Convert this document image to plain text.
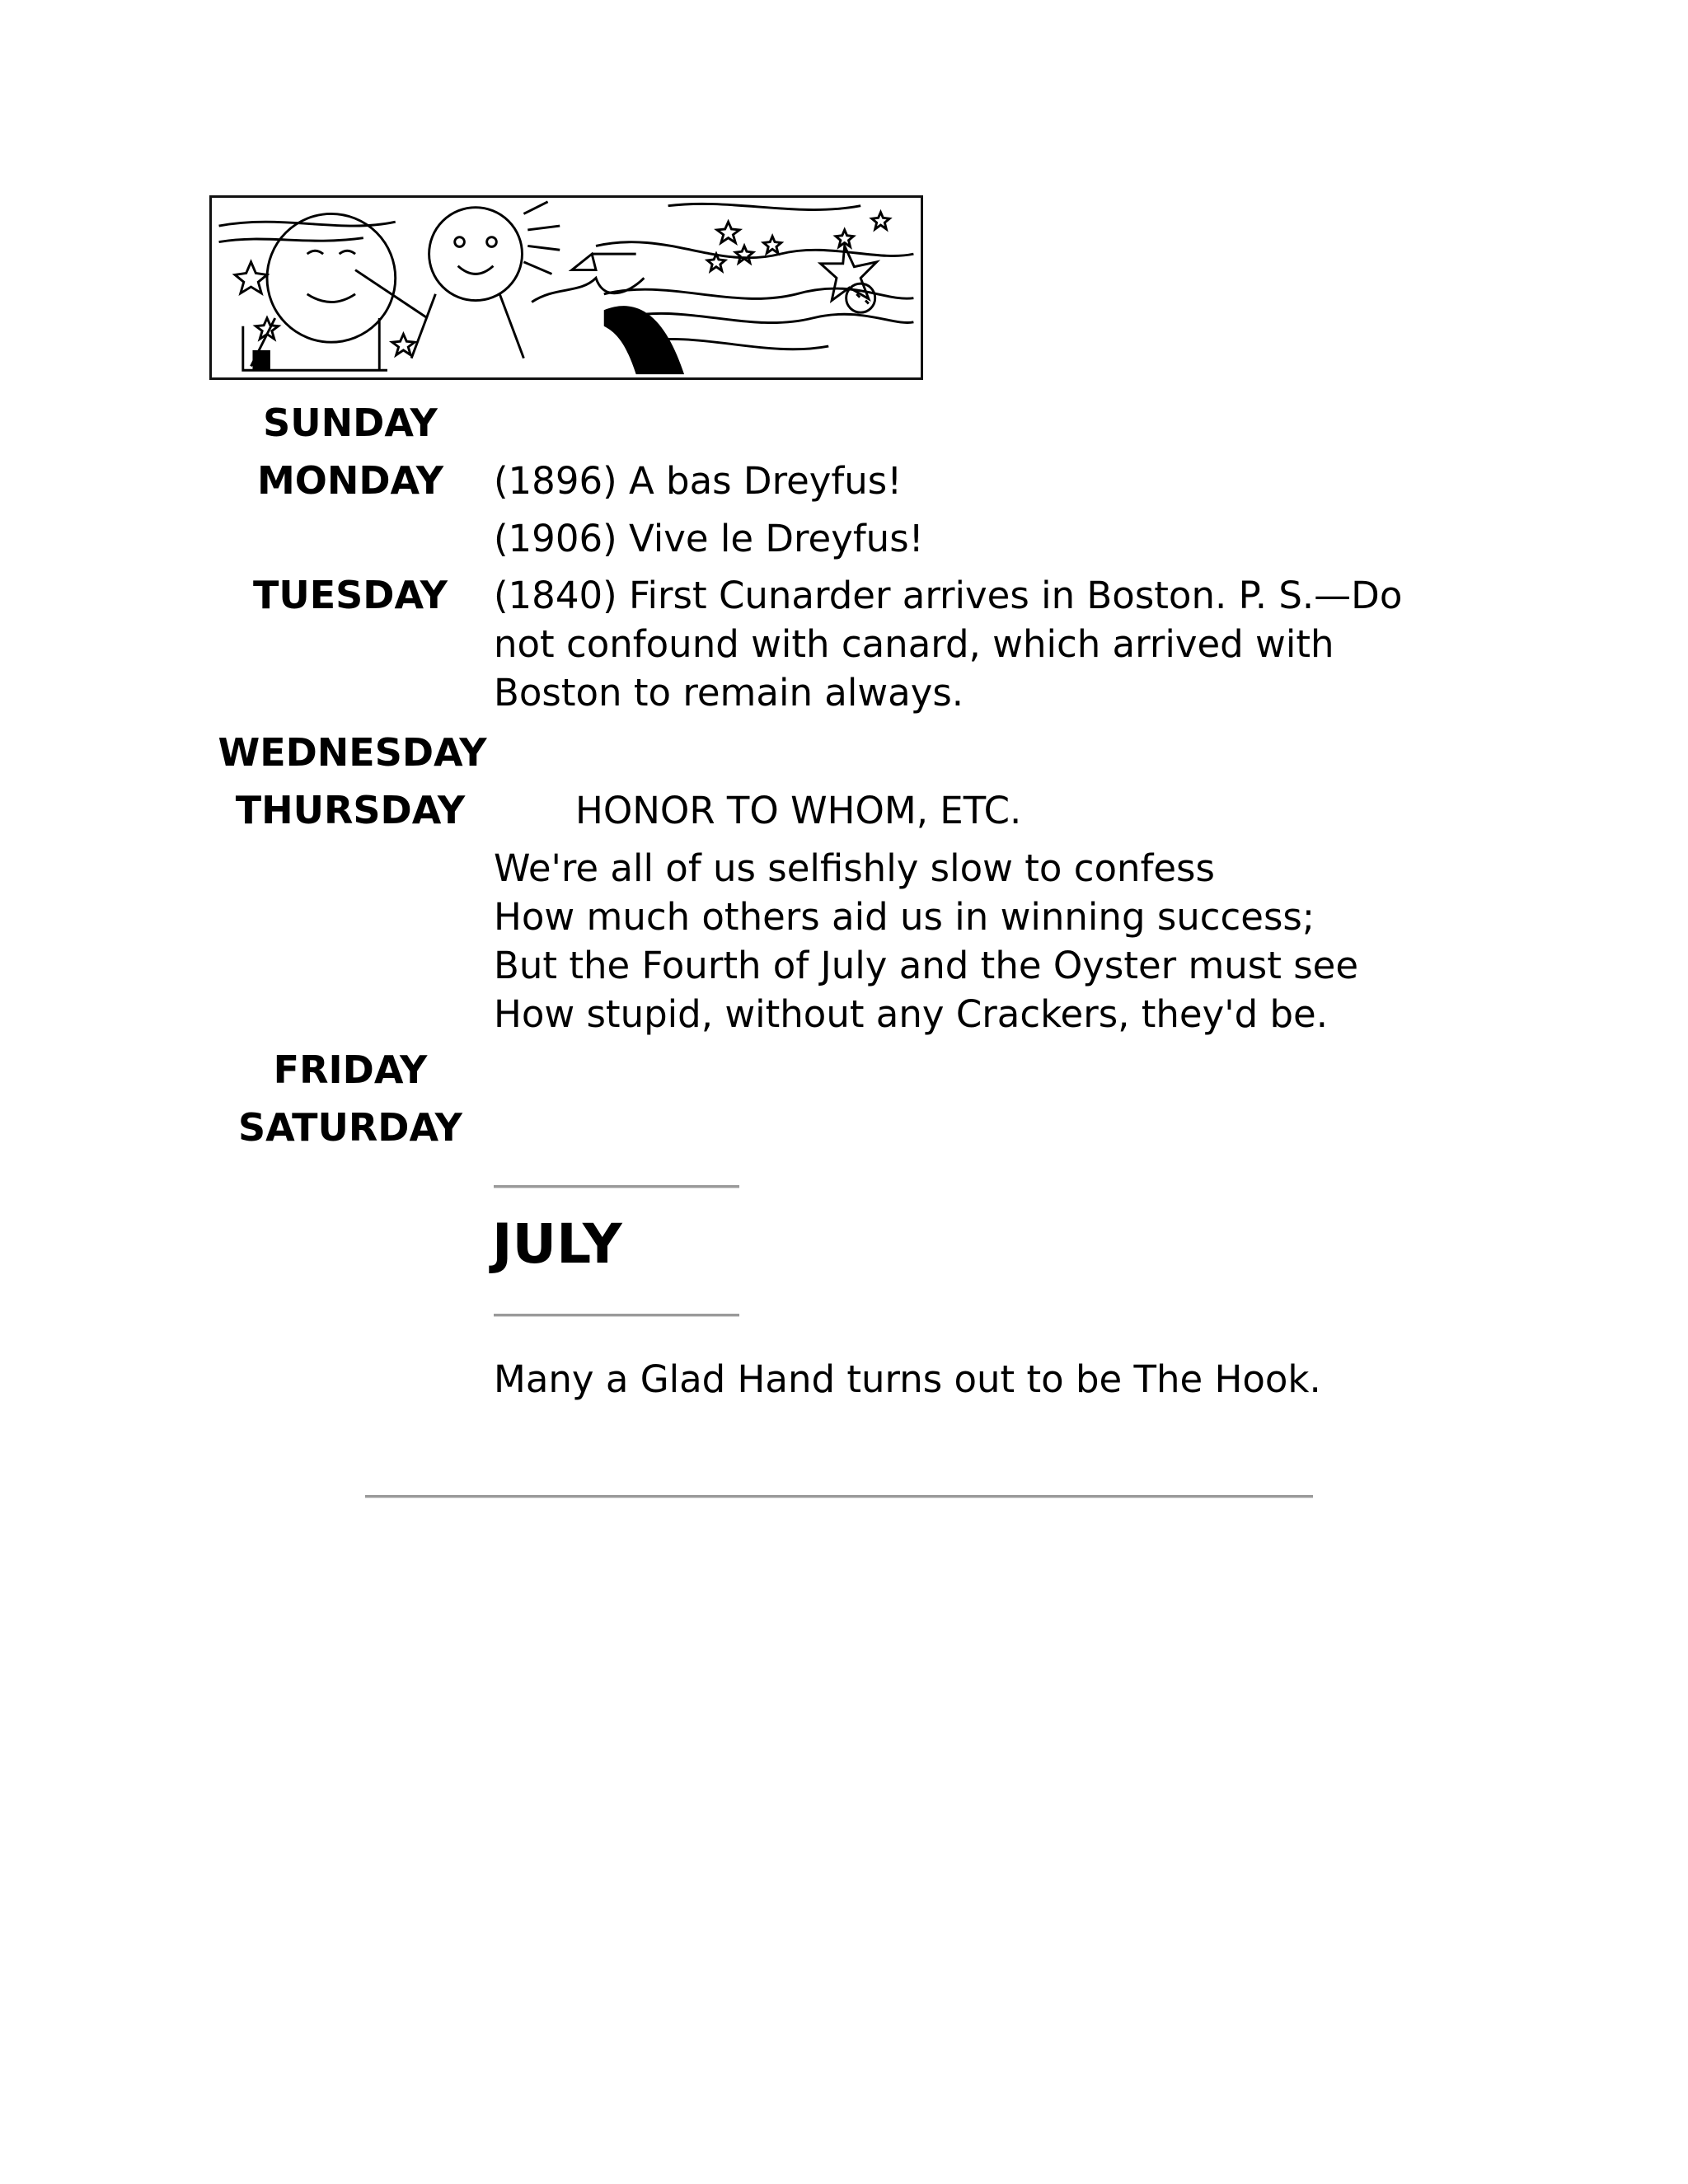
SUNDAY
MONDAY
TUESDAY
WEDNESDAY
THURSDAY
FRIDAY
SATURDAY
(1896) A bas Dreyfus!
(1906) Vive le Dreyfus!
(1840) First Cunarder arrives in Boston. P. S.—Do
not confound with canard, which arrived with
Boston to remain always.
HONOR TO WHOM, ETC.
We're all of us selfishly slow to confess
How much others aid us in winning success;
But the Fourth of July and the Oyster must see
How stupid, without any Crackers, they'd be.
JULY
Many a Glad Hand turns out to be The Hook.
